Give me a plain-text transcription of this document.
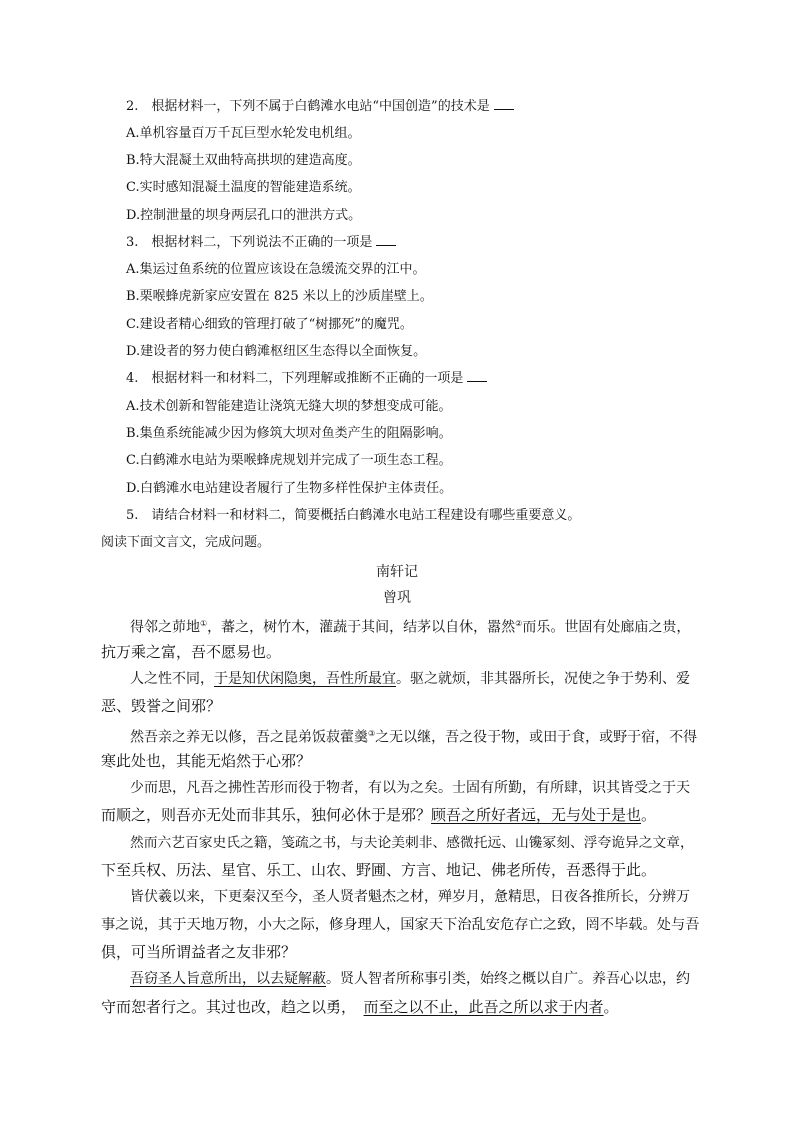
2.　根据材料一，下列不属于白鹤滩水电站“中国创造”的技术是
A.单机容量百万千瓦巨型水轮发电机组。
B.特大混凝土双曲特高拱坝的建造高度。
C.实时感知混凝土温度的智能建造系统。
D.控制泄量的坝身两层孔口的泄洪方式。
3.　根据材料二，下列说法不正确的一项是
A.集运过鱼系统的位置应该设在急缓流交界的江中。
B.栗喉蜂虎新家应安置在 825 米以上的沙质崖壁上。
C.建设者精心细致的管理打破了“树挪死”的魔咒。
D.建设者的努力使白鹤滩枢纽区生态得以全面恢复。
4.　根据材料一和材料二，下列理解或推断不正确的一项是
A.技术创新和智能建造让浇筑无缝大坝的梦想变成可能。
B.集鱼系统能减少因为修筑大坝对鱼类产生的阻隔影响。
C.白鹤滩水电站为栗喉蜂虎规划并完成了一项生态工程。
D.白鹤滩水电站建设者履行了生物多样性保护主体责任。
5.　请结合材料一和材料二，简要概括白鹤滩水电站工程建设有哪些重要意义。
阅读下面文言文，完成问题。
南轩记
曾巩
得邻之茆地①，蕃之，树竹木，灌蔬于其间，结茅以自休，嚣然②而乐。世固有处廊庙之贵，
抗万乘之富，吾不愿易也。
人之性不同，于是知伏闲隐奥，吾性所最宜。驱之就烦，非其器所长，况使之争于势利、爱
恶、毁誉之间邪？
然吾亲之养无以修，吾之昆弟饭菽藿羹③之无以继，吾之役于物，或田于食，或野于宿，不得
寒此处也，其能无焰然于心邪？
少而思，凡吾之拂性苦形而役于物者，有以为之矣。士固有所勤，有所肆，识其皆受之于天
而顺之，则吾亦无处而非其乐，独何必休于是邪？顾吾之所好者远，无与处于是也。
然而六艺百家史氏之籍，笺疏之书，与夫论美刺非、感微托远、山镵冢刻、浮夸诡异之文章，
下至兵权、历法、星官、乐工、山农、野圃、方言、地记、佛老所传，吾悉得于此。
皆伏羲以来，下更秦汉至今，圣人贤者魁杰之材，殚岁月，惫精思，日夜各推所长，分辨万
事之说，其于天地万物，小大之际，修身理人，国家天下治乱安危存亡之致，罔不毕载。处与吾
俱，可当所谓益者之友非邪？
吾窃圣人旨意所出，以去疑解蔽。贤人智者所称事引类，始终之概以自广。养吾心以忠，约
守而恕者行之。其过也改，趋之以勇，　而至之以不止，此吾之所以求于内者。
